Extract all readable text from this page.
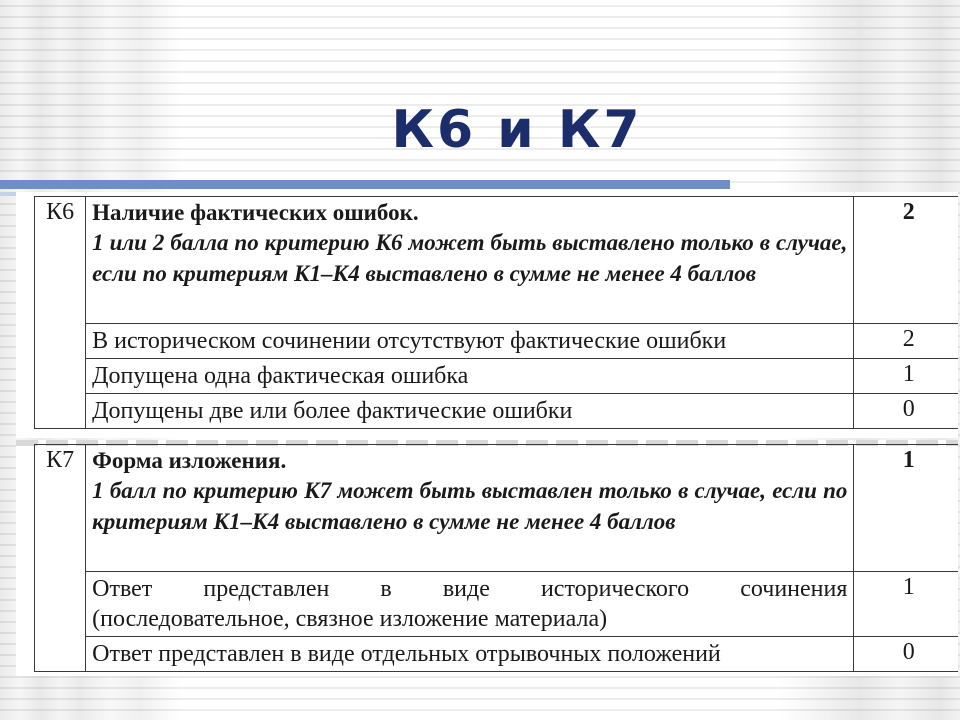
К6 и К7
К6	Наличие фактических ошибок.
1 или 2 балла по критерию К6 может быть выставлено только в случае, если по критериям К1–К4 выставлено в сумме не менее 4 баллов	2
	В историческом сочинении отсутствуют фактические ошибки	2
	Допущена одна фактическая ошибка	1
	Допущены две или более фактические ошибки	0
К7	Форма изложения.
1 балл по критерию К7 может быть выставлен только в случае, если по критериям К1–К4 выставлено в сумме не менее 4 баллов	1

	Ответ представлен в виде исторического сочинения
(последовательное, связное изложение материала)	1
	Ответ представлен в виде отдельных отрывочных положений	0
